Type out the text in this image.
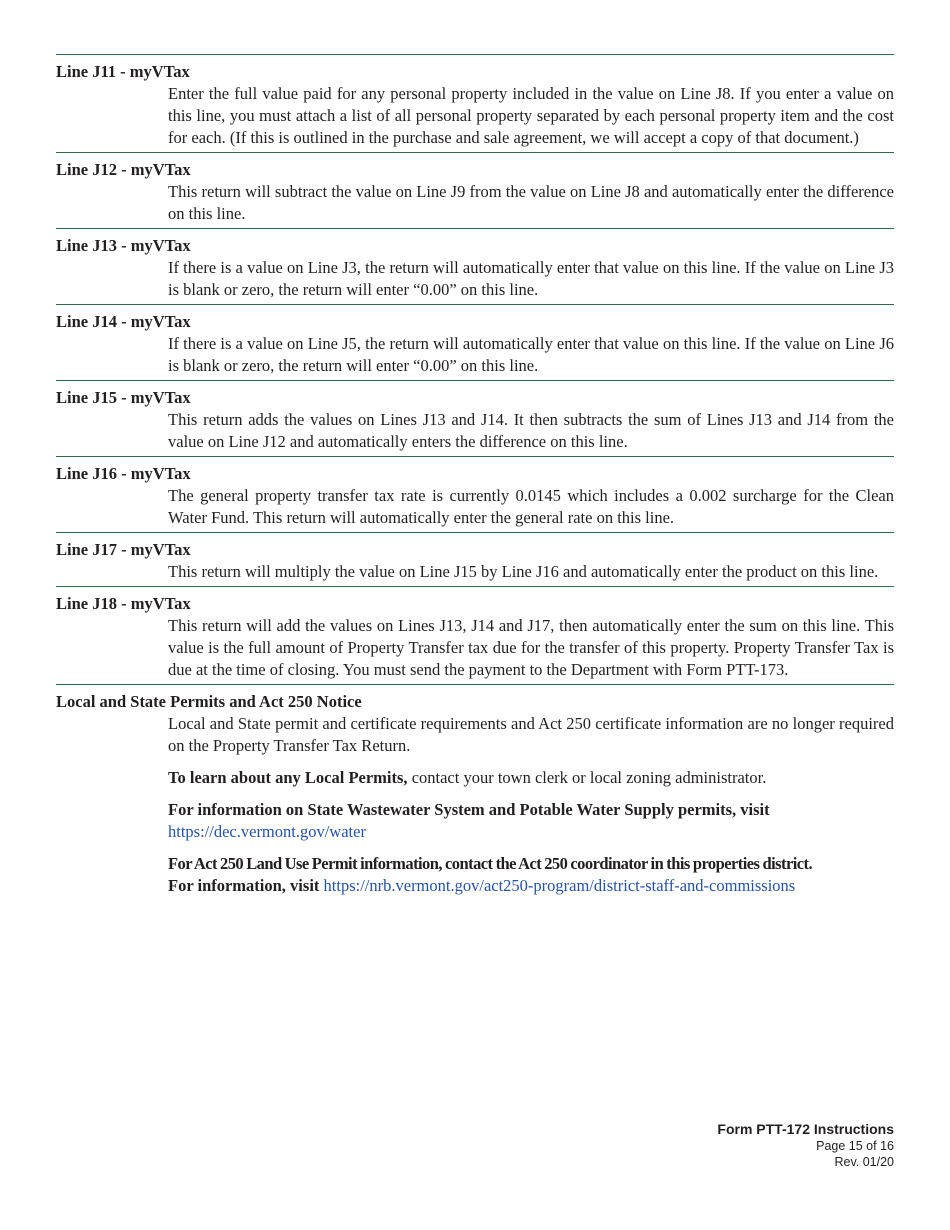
Line J11 - myVTax

Enter the full value paid for any personal property included in the value on Line J8. If you enter a value on this line, you must attach a list of all personal property separated by each personal property item and the cost for each. (If this is outlined in the purchase and sale agreement, we will accept a copy of that document.)

Line J12 - myVTax

This return will subtract the value on Line J9 from the value on Line J8 and automatically enter the difference on this line.

Line J13 - myVTax

If there is a value on Line J3, the return will automatically enter that value on this line. If the value on Line J3 is blank or zero, the return will enter “0.00” on this line.

Line J14 - myVTax

If there is a value on Line J5, the return will automatically enter that value on this line. If the value on Line J6 is blank or zero, the return will enter “0.00” on this line.

Line J15 - myVTax

This return adds the values on Lines J13 and J14. It then subtracts the sum of Lines J13 and J14 from the value on Line J12 and automatically enters the difference on this line.

Line J16 - myVTax

The general property transfer tax rate is currently 0.0145 which includes a 0.002 surcharge for the Clean Water Fund. This return will automatically enter the general rate on this line.

Line J17 - myVTax

This return will multiply the value on Line J15 by Line J16 and automatically enter the product on this line.

Line J18 - myVTax

This return will add the values on Lines J13, J14 and J17, then automatically enter the sum on this line. This value is the full amount of Property Transfer tax due for the transfer of this property. Property Transfer Tax is due at the time of closing. You must send the payment to the Department with Form PTT-173.

Local and State Permits and Act 250 Notice

Local and State permit and certificate requirements and Act 250 certificate information are no longer required on the Property Transfer Tax Return.

To learn about any Local Permits, contact your town clerk or local zoning administrator.

For information on State Wastewater System and Potable Water Supply permits, visit
https://dec.vermont.gov/water

For Act 250 Land Use Permit information, contact the Act 250 coordinator in this properties district.
For information, visit https://nrb.vermont.gov/act250-program/district-staff-and-commissions

Form PTT-172 Instructions
Page 15 of 16
Rev. 01/20
